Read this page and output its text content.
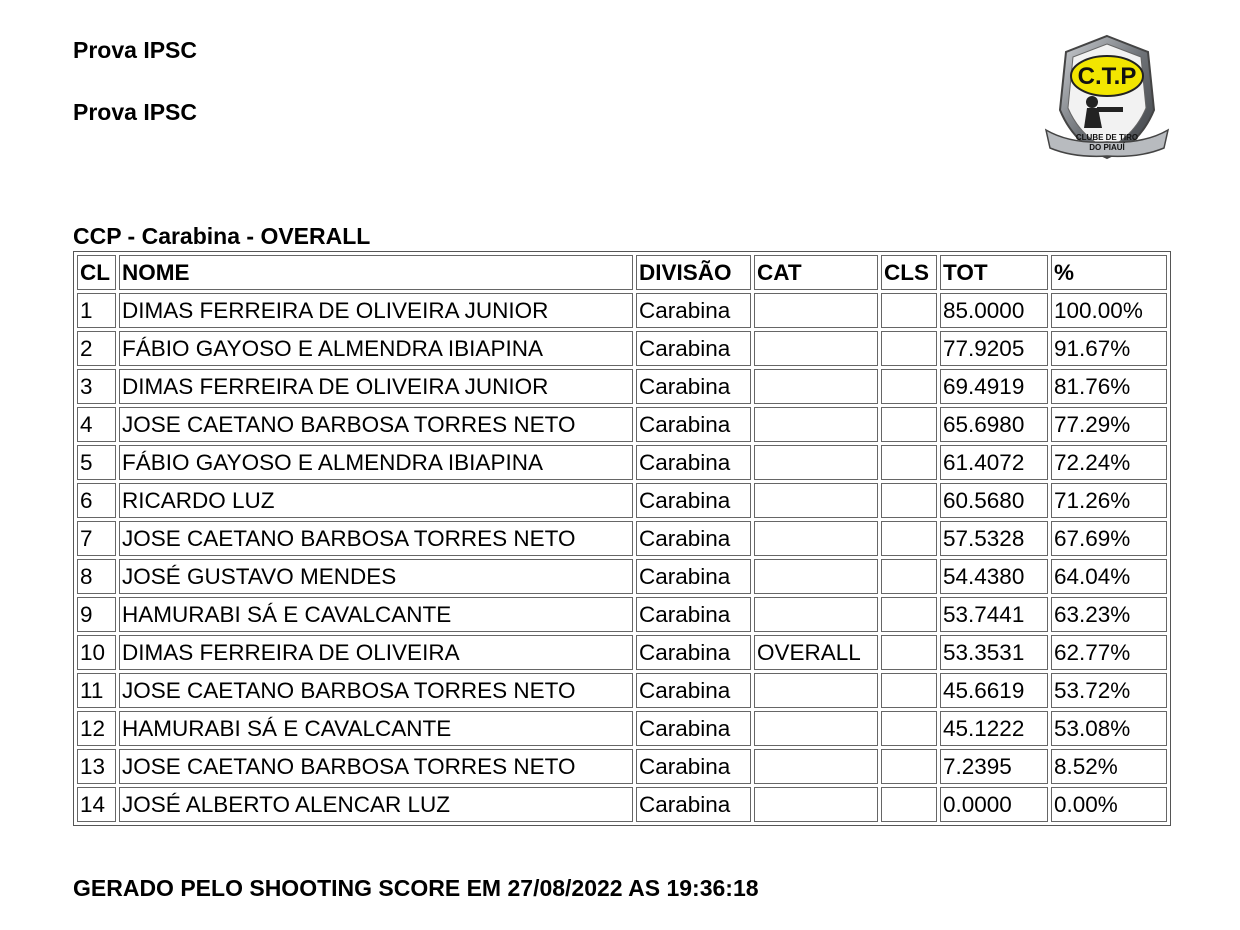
Prova IPSC
Prova IPSC
C.T.P
CLUBE DE TIRO
DO PIAUÍ
CCP - Carabina - OVERALL
CL	NOME	DIVISÃO	CAT	CLS	TOT	%
1	DIMAS FERREIRA DE OLIVEIRA JUNIOR	Carabina			85.0000	100.00%
2	FÁBIO GAYOSO E ALMENDRA IBIAPINA	Carabina			77.9205	91.67%
3	DIMAS FERREIRA DE OLIVEIRA JUNIOR	Carabina			69.4919	81.76%
4	JOSE CAETANO BARBOSA TORRES NETO	Carabina			65.6980	77.29%
5	FÁBIO GAYOSO E ALMENDRA IBIAPINA	Carabina			61.4072	72.24%
6	RICARDO LUZ	Carabina			60.5680	71.26%
7	JOSE CAETANO BARBOSA TORRES NETO	Carabina			57.5328	67.69%
8	JOSÉ GUSTAVO MENDES	Carabina			54.4380	64.04%
9	HAMURABI SÁ E CAVALCANTE	Carabina			53.7441	63.23%
10	DIMAS FERREIRA DE OLIVEIRA	Carabina	OVERALL		53.3531	62.77%
11	JOSE CAETANO BARBOSA TORRES NETO	Carabina			45.6619	53.72%
12	HAMURABI SÁ E CAVALCANTE	Carabina			45.1222	53.08%
13	JOSE CAETANO BARBOSA TORRES NETO	Carabina			7.2395	8.52%
14	JOSÉ ALBERTO ALENCAR LUZ	Carabina			0.0000	0.00%
GERADO PELO SHOOTING SCORE EM 27/08/2022 AS 19:36:18
